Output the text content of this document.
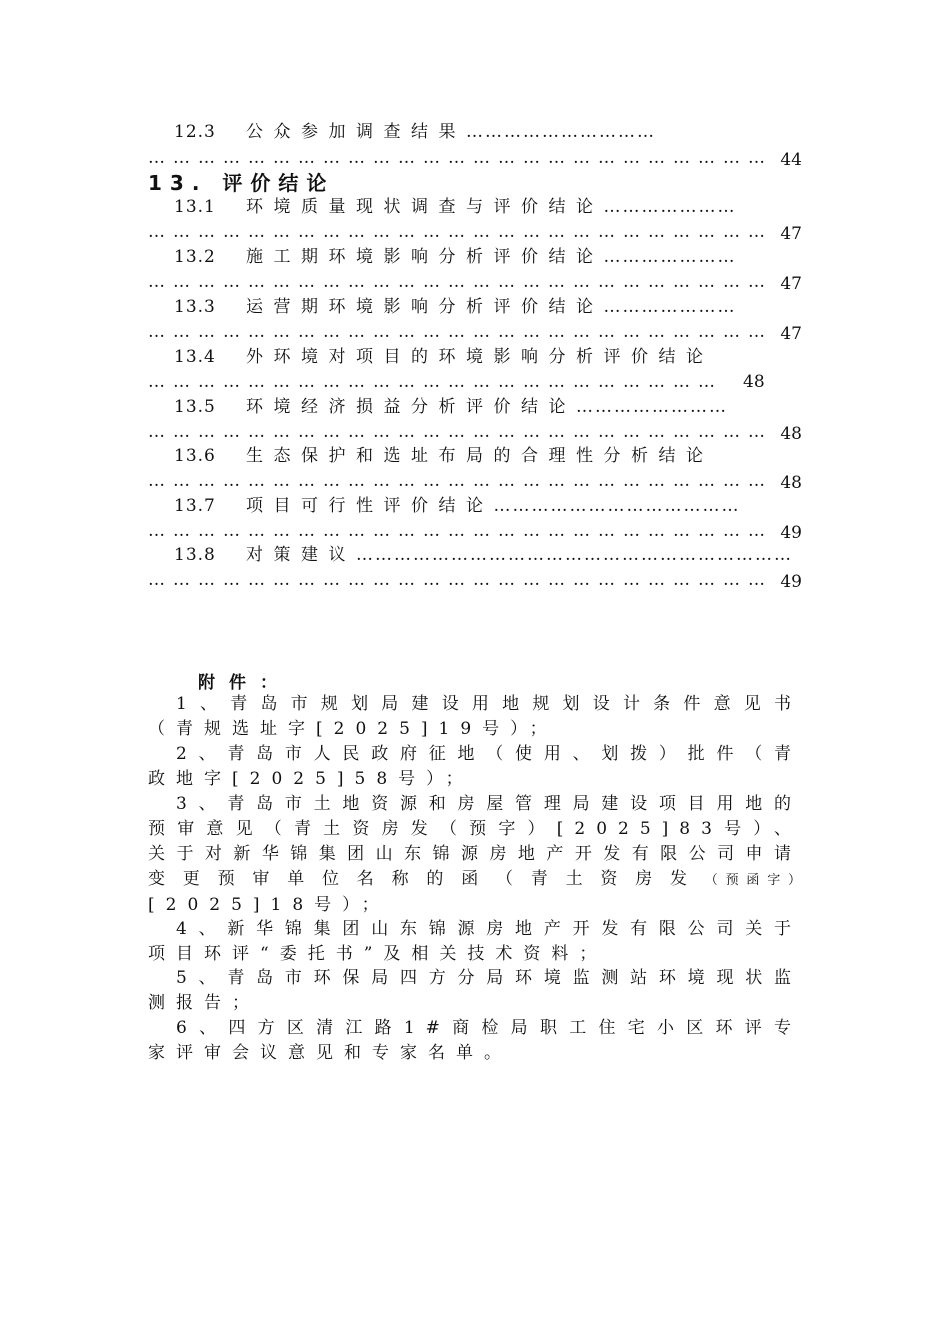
12.3 公众参加调查结果…………………………
………………………………………………………………… 44
13. 评价结论
13.1 环境质量现状调查与评价结论…………………
………………………………………………………………… 47
13.2 施工期环境影响分析评价结论…………………
………………………………………………………………… 47
13.3 运营期环境影响分析评价结论…………………
………………………………………………………………… 47
13.4 外环境对项目的环境影响分析评价结论
…………………………………………………………… 48
13.5 环境经济损益分析评价结论……………………
………………………………………………………………… 48
13.6 生态保护和选址布局的合理性分析结论
………………………………………………………………… 48
13.7 项目可行性评价结论…………………………………
………………………………………………………………… 49
13.8 对策建议……………………………………………………………
………………………………………………………………… 49
附件：
1、青岛市规划局建设用地规划设计条件意见书（青规选址字[2025]19号）；
2、青岛市人民政府征地（使用、划拨）批件（青政地字[2025]58号）；
3、青岛市土地资源和房屋管理局建设项目用地的预审意见（青土资房发（预字）[2025]83号）、关于对新华锦集团山东锦源房地产开发有限公司申请变更预审单位名称的函（青土资房发（预函字）[2025]18号）；
4、新华锦集团山东锦源房地产开发有限公司关于项目环评“委托书”及相关技术资料；
5、青岛市环保局四方分局环境监测站环境现状监测报告；
6、四方区清江路1#商检局职工住宅小区环评专家评审会议意见和专家名单。
